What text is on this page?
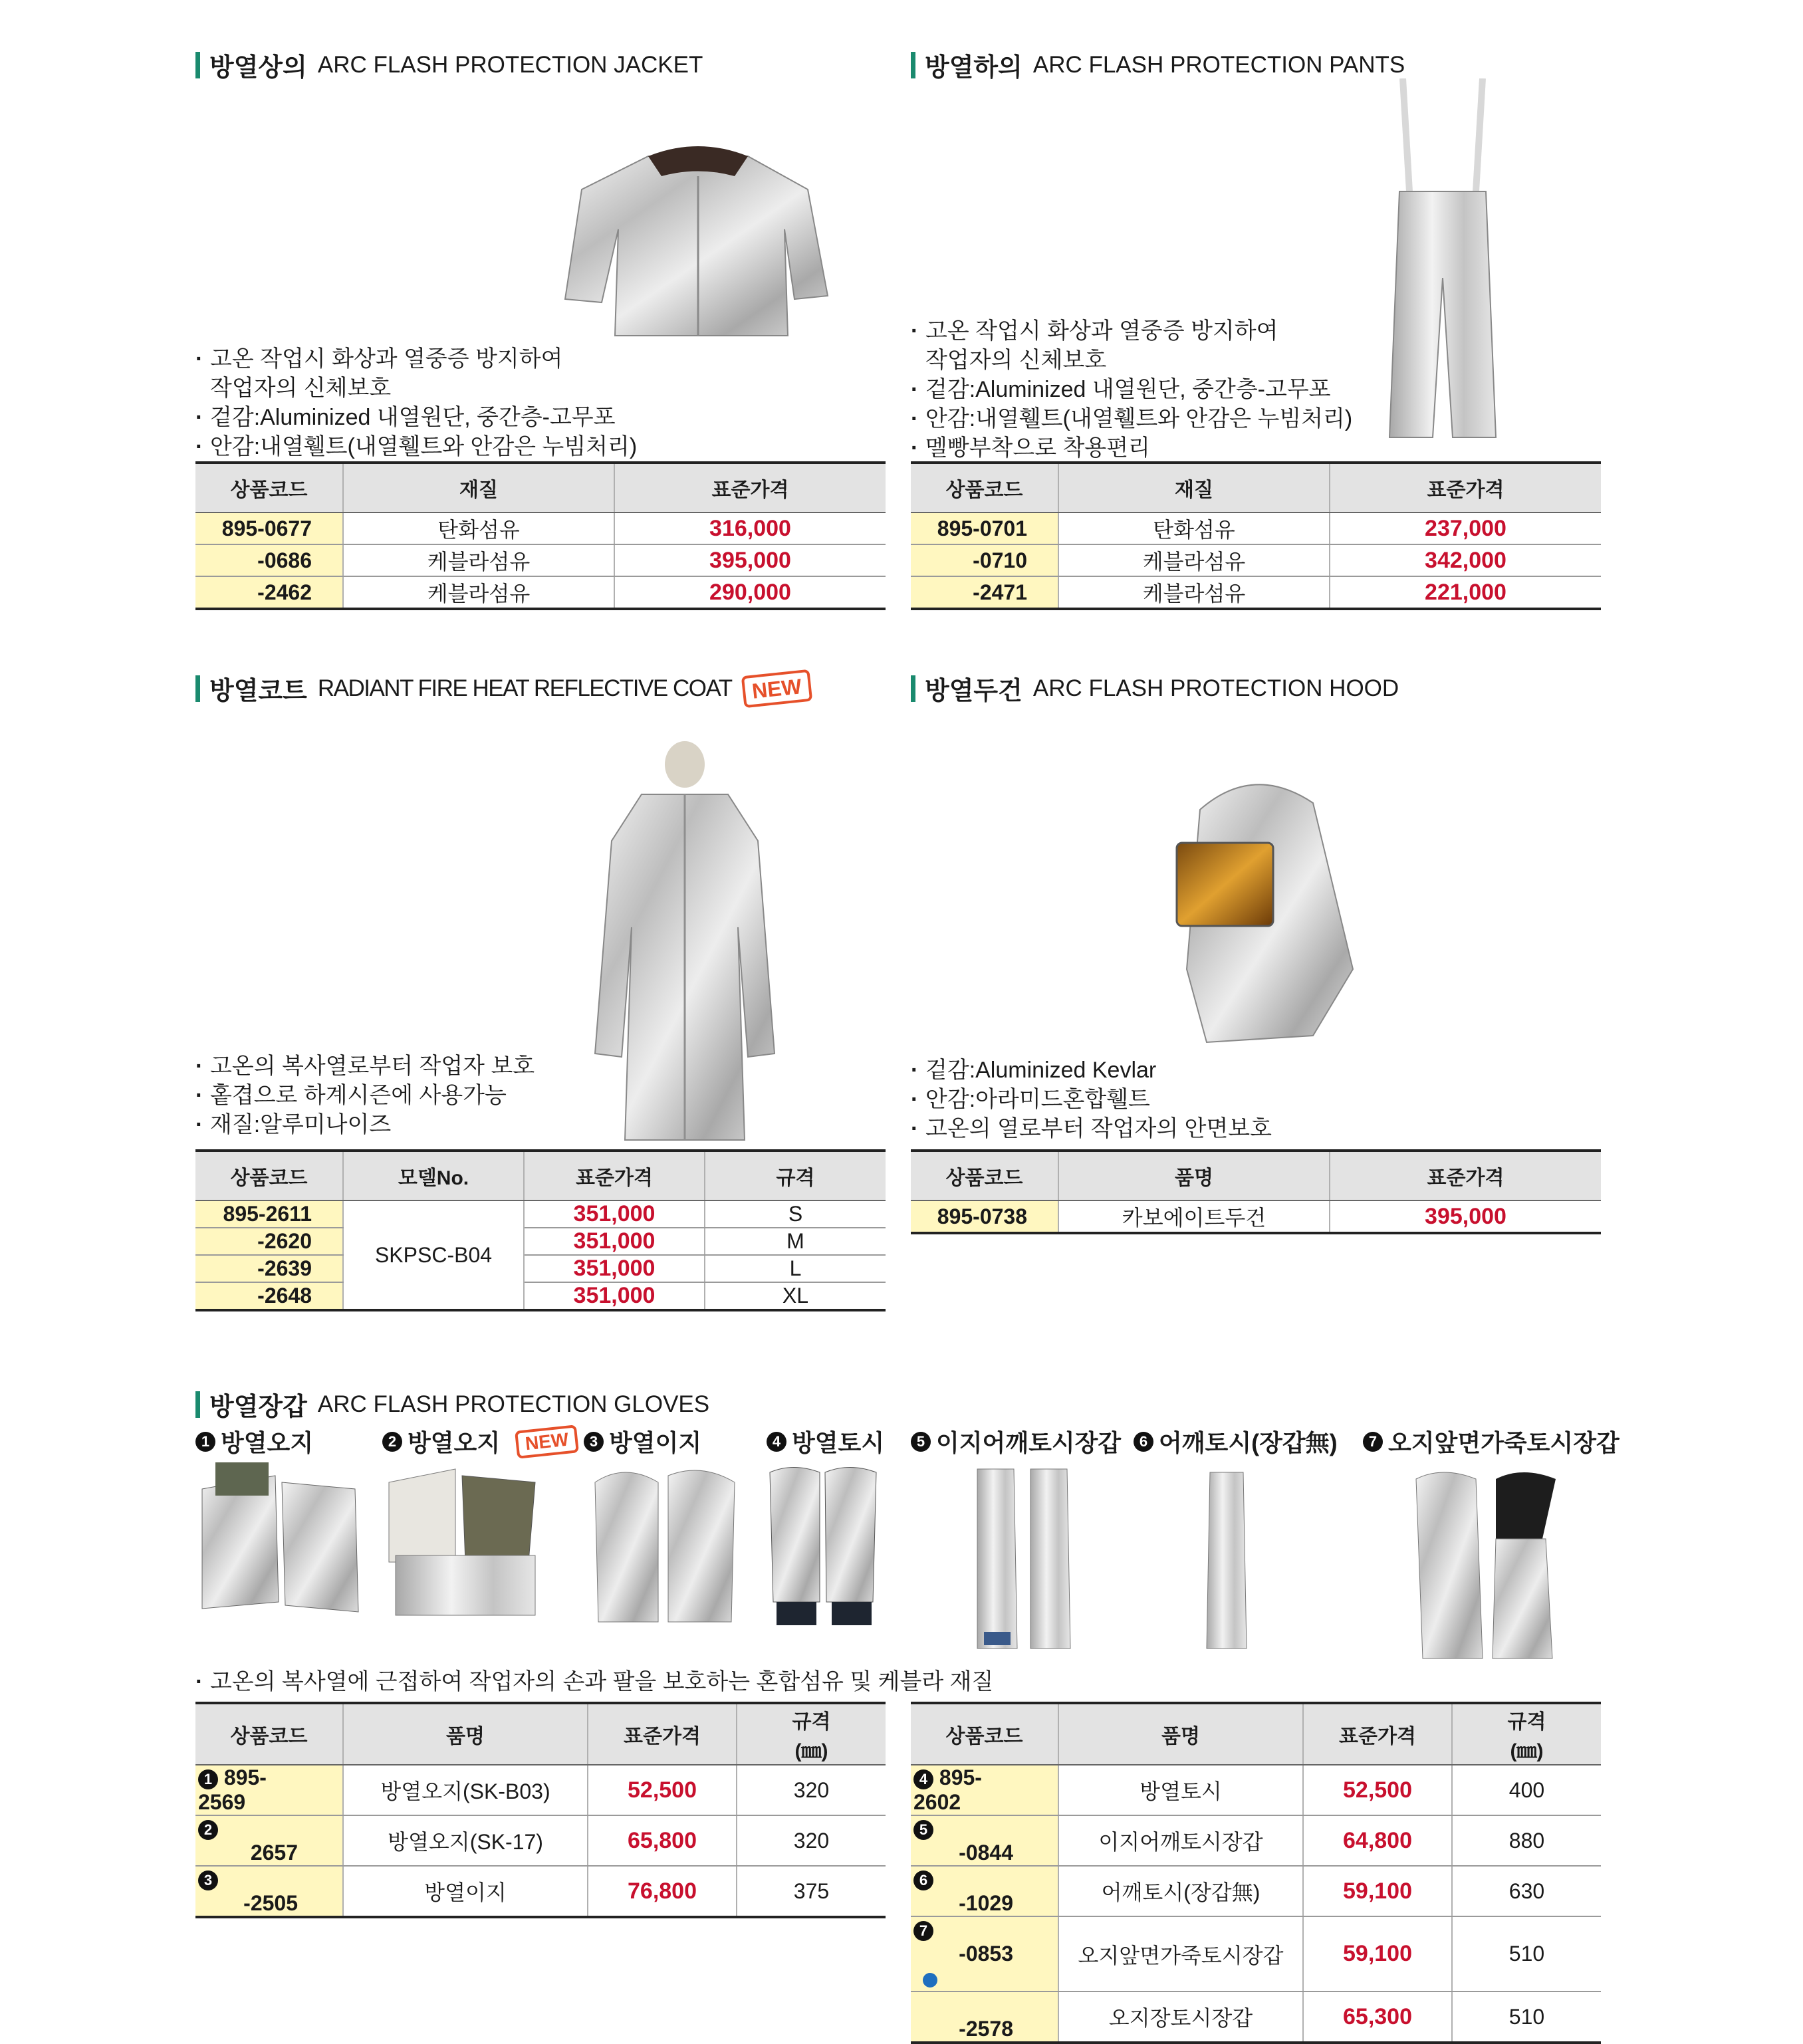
방열상의 ARC FLASH PROTECTION JACKET
· 고온 작업시 화상과 열중증 방지하여
작업자의 신체보호
· 겉감:Aluminized 내열원단, 중간층-고무포
· 안감:내열휄트(내열휄트와 안감은 누빔처리)
상품코드	재질	표준가격
895-0677	탄화섬유	316,000
-0686	케블라섬유	395,000
-2462	케블라섬유	290,000
방열하의 ARC FLASH PROTECTION PANTS
· 고온 작업시 화상과 열중증 방지하여
작업자의 신체보호
· 겉감:Aluminized 내열원단, 중간층-고무포
· 안감:내열휄트(내열휄트와 안감은 누빔처리)
· 멜빵부착으로 착용편리
상품코드	재질	표준가격
895-0701	탄화섬유	237,000
-0710	케블라섬유	342,000
-2471	케블라섬유	221,000
방열코트 RADIANT FIRE HEAT REFLECTIVE COAT NEW
· 고온의 복사열로부터 작업자 보호
· 홑겹으로 하계시즌에 사용가능
· 재질:알루미나이즈
상품코드	모델No.	표준가격	규격
895-2611	SKPSC-B04	351,000	S
-2620		351,000	M
-2639		351,000	L
-2648		351,000	XL
방열두건 ARC FLASH PROTECTION HOOD
· 겉감:Aluminized Kevlar
· 안감:아라미드혼합휄트
· 고온의 열로부터 작업자의 안면보호
상품코드	품명	표준가격
895-0738	카보에이트두건	395,000
방열장갑 ARC FLASH PROTECTION GLOVES
1 방열오지	2 방열오지	NEW	3 방열이지	4 방열토시	5 이지어깨토시장갑	6 어깨토시(장갑無)	7 오지앞면가죽토시장갑
· 고온의 복사열에 근접하여 작업자의 손과 팔을 보호하는 혼합섬유 및 케블라 재질
상품코드	품명	표준가격	규격
(㎜)
1 895-2569	방열오지(SK-B03)	52,500	320
2 2657	방열오지(SK-17)	65,800	320
3 -2505	방열이지	76,800	375
상품코드	품명	표준가격	규격
(㎜)
4 895-2602	방열토시	52,500	400
5 -0844	이지어깨토시장갑	64,800	880
6 -1029	어깨토시(장갑無)	59,100	630
7 -0853	오지앞면가죽토시장갑	59,100	510
-2578	오지장토시장갑	65,300	510
